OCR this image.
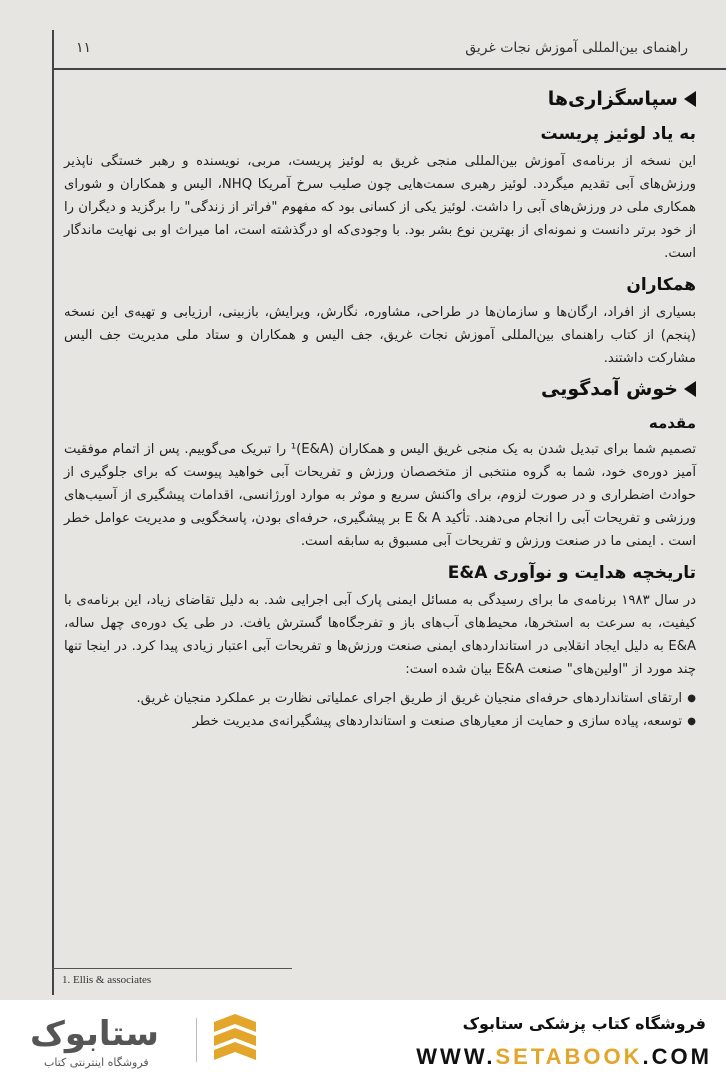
راهنمای بین‌المللی آموزش نجات غریق
۱۱
سپاسگزاری‌ها
به یاد لوئیز پریست

این نسخه از برنامه‌ی آموزش بین‌المللی منجی غریق به لوئیز پریست، مربی، نویسنده و رهبر خستگی ناپذیر ورزش‌های آبی تقدیم میگردد. لوئیز رهبری سمت‌هایی چون صلیب سرخ آمریکا NHQ، الیس و همکاران و شورای همکاری ملی در ورزش‌های آبی را داشت. لوئیز یکی از کسانی بود که مفهوم "فراتر از زندگی" را برگزید و دیگران را از خود برتر دانست و نمونه‌ای از بهترین نوع بشر بود. با وجودی‌که او درگذشته است، اما میراث او بی نهایت ماندگار است.

همکاران

بسیاری از افراد، ارگان‌ها و سازمان‌ها در طراحی، مشاوره، نگارش، ویرایش، بازبینی، ارزیابی و تهیه‌ی این نسخه (پنجم) از کتاب راهنمای بین‌المللی آموزش نجات غریق، جف الیس و همکاران و ستاد ملی مدیریت جف الیس مشارکت داشتند.

خوش آمدگویی
مقدمه

تصمیم شما برای تبدیل شدن به یک منجی غریق الیس و همکاران (E&A)¹ را تبریک می‌گوییم. پس از اتمام موفقیت آمیز دوره‌ی خود، شما به گروه منتخبی از متخصصان ورزش و تفریحات آبی خواهید پیوست که برای جلوگیری از حوادث اضطراری و در صورت لزوم، برای واکنش سریع و موثر به موارد اورژانسی، اقدامات پیشگیری از آسیب‌های ورزشی و تفریحات آبی را انجام می‌دهند. تأکید E & A بر پیشگیری، حرفه‌ای بودن، پاسخگویی و مدیریت عوامل خطر است . ایمنی ما در صنعت ورزش و تفریحات آبی مسبوق به سابقه است.

تاریخچه هدایت و نوآوری E&A

در سال ۱۹۸۳ برنامه‌ی ما برای رسیدگی به مسائل ایمنی پارک آبی اجرایی شد. به دلیل تقاضای زیاد، این برنامه‌ی با کیفیت، به سرعت به استخرها، محیط‌های آب‌های باز و تفرجگاه‌ها گسترش یافت. در طی یک دوره‌ی چهل ساله، E&A به دلیل ایجاد انقلابی در استانداردهای ایمنی صنعت ورزش‌ها و تفریحات آبی اعتبار زیادی پیدا کرد. در اینجا تنها چند مورد از "اولین‌های" صنعت E&A بیان شده است:

● ارتقای استانداردهای حرفه‌ای منجیان غریق از طریق اجرای عملیاتی نظارت بر عملکرد منجیان غریق.
● توسعه، پیاده سازی و حمایت از معیارهای صنعت و استانداردهای پیشگیرانه‌ی مدیریت خطر
1. Ellis & associates
فروشگاه کتاب پزشکی ستابوک
WWW.SETABOOK.COM
ستابوک
فروشگاه اینترنتی کتاب
